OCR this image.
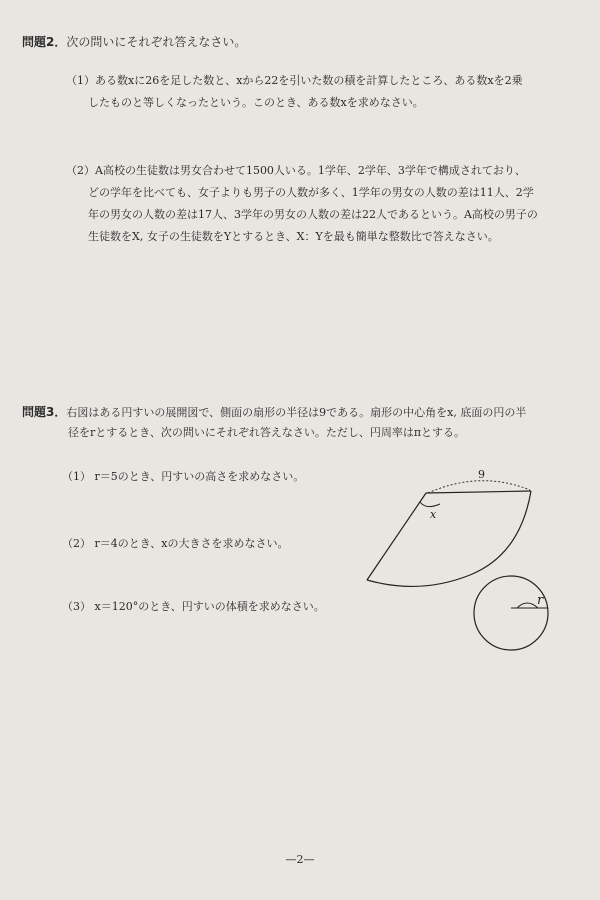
問題2．次の問いにそれぞれ答えなさい。
（1）ある数xに26を足した数と、xから22を引いた数の積を計算したところ、ある数xを2乗
したものと等しくなったという。このとき、ある数xを求めなさい。
（2）A高校の生徒数は男女合わせて1500人いる。1学年、2学年、3学年で構成されており、
どの学年を比べても、女子よりも男子の人数が多く、1学年の男女の人数の差は11人、2学
年の男女の人数の差は17人、3学年の男女の人数の差は22人であるという。A高校の男子の
生徒数をX, 女子の生徒数をYとするとき、X：Yを最も簡単な整数比で答えなさい。
問題3．右図はある円すいの展開図で、側面の扇形の半径は9である。扇形の中心角をx, 底面の円の半
径をrとするとき、次の問いにそれぞれ答えなさい。ただし、円周率はπとする。
（1） r＝5のとき、円すいの高さを求めなさい。
（2） r＝4のとき、xの大きさを求めなさい。
（3） x＝120°のとき、円すいの体積を求めなさい。
9
x
r
—2—
